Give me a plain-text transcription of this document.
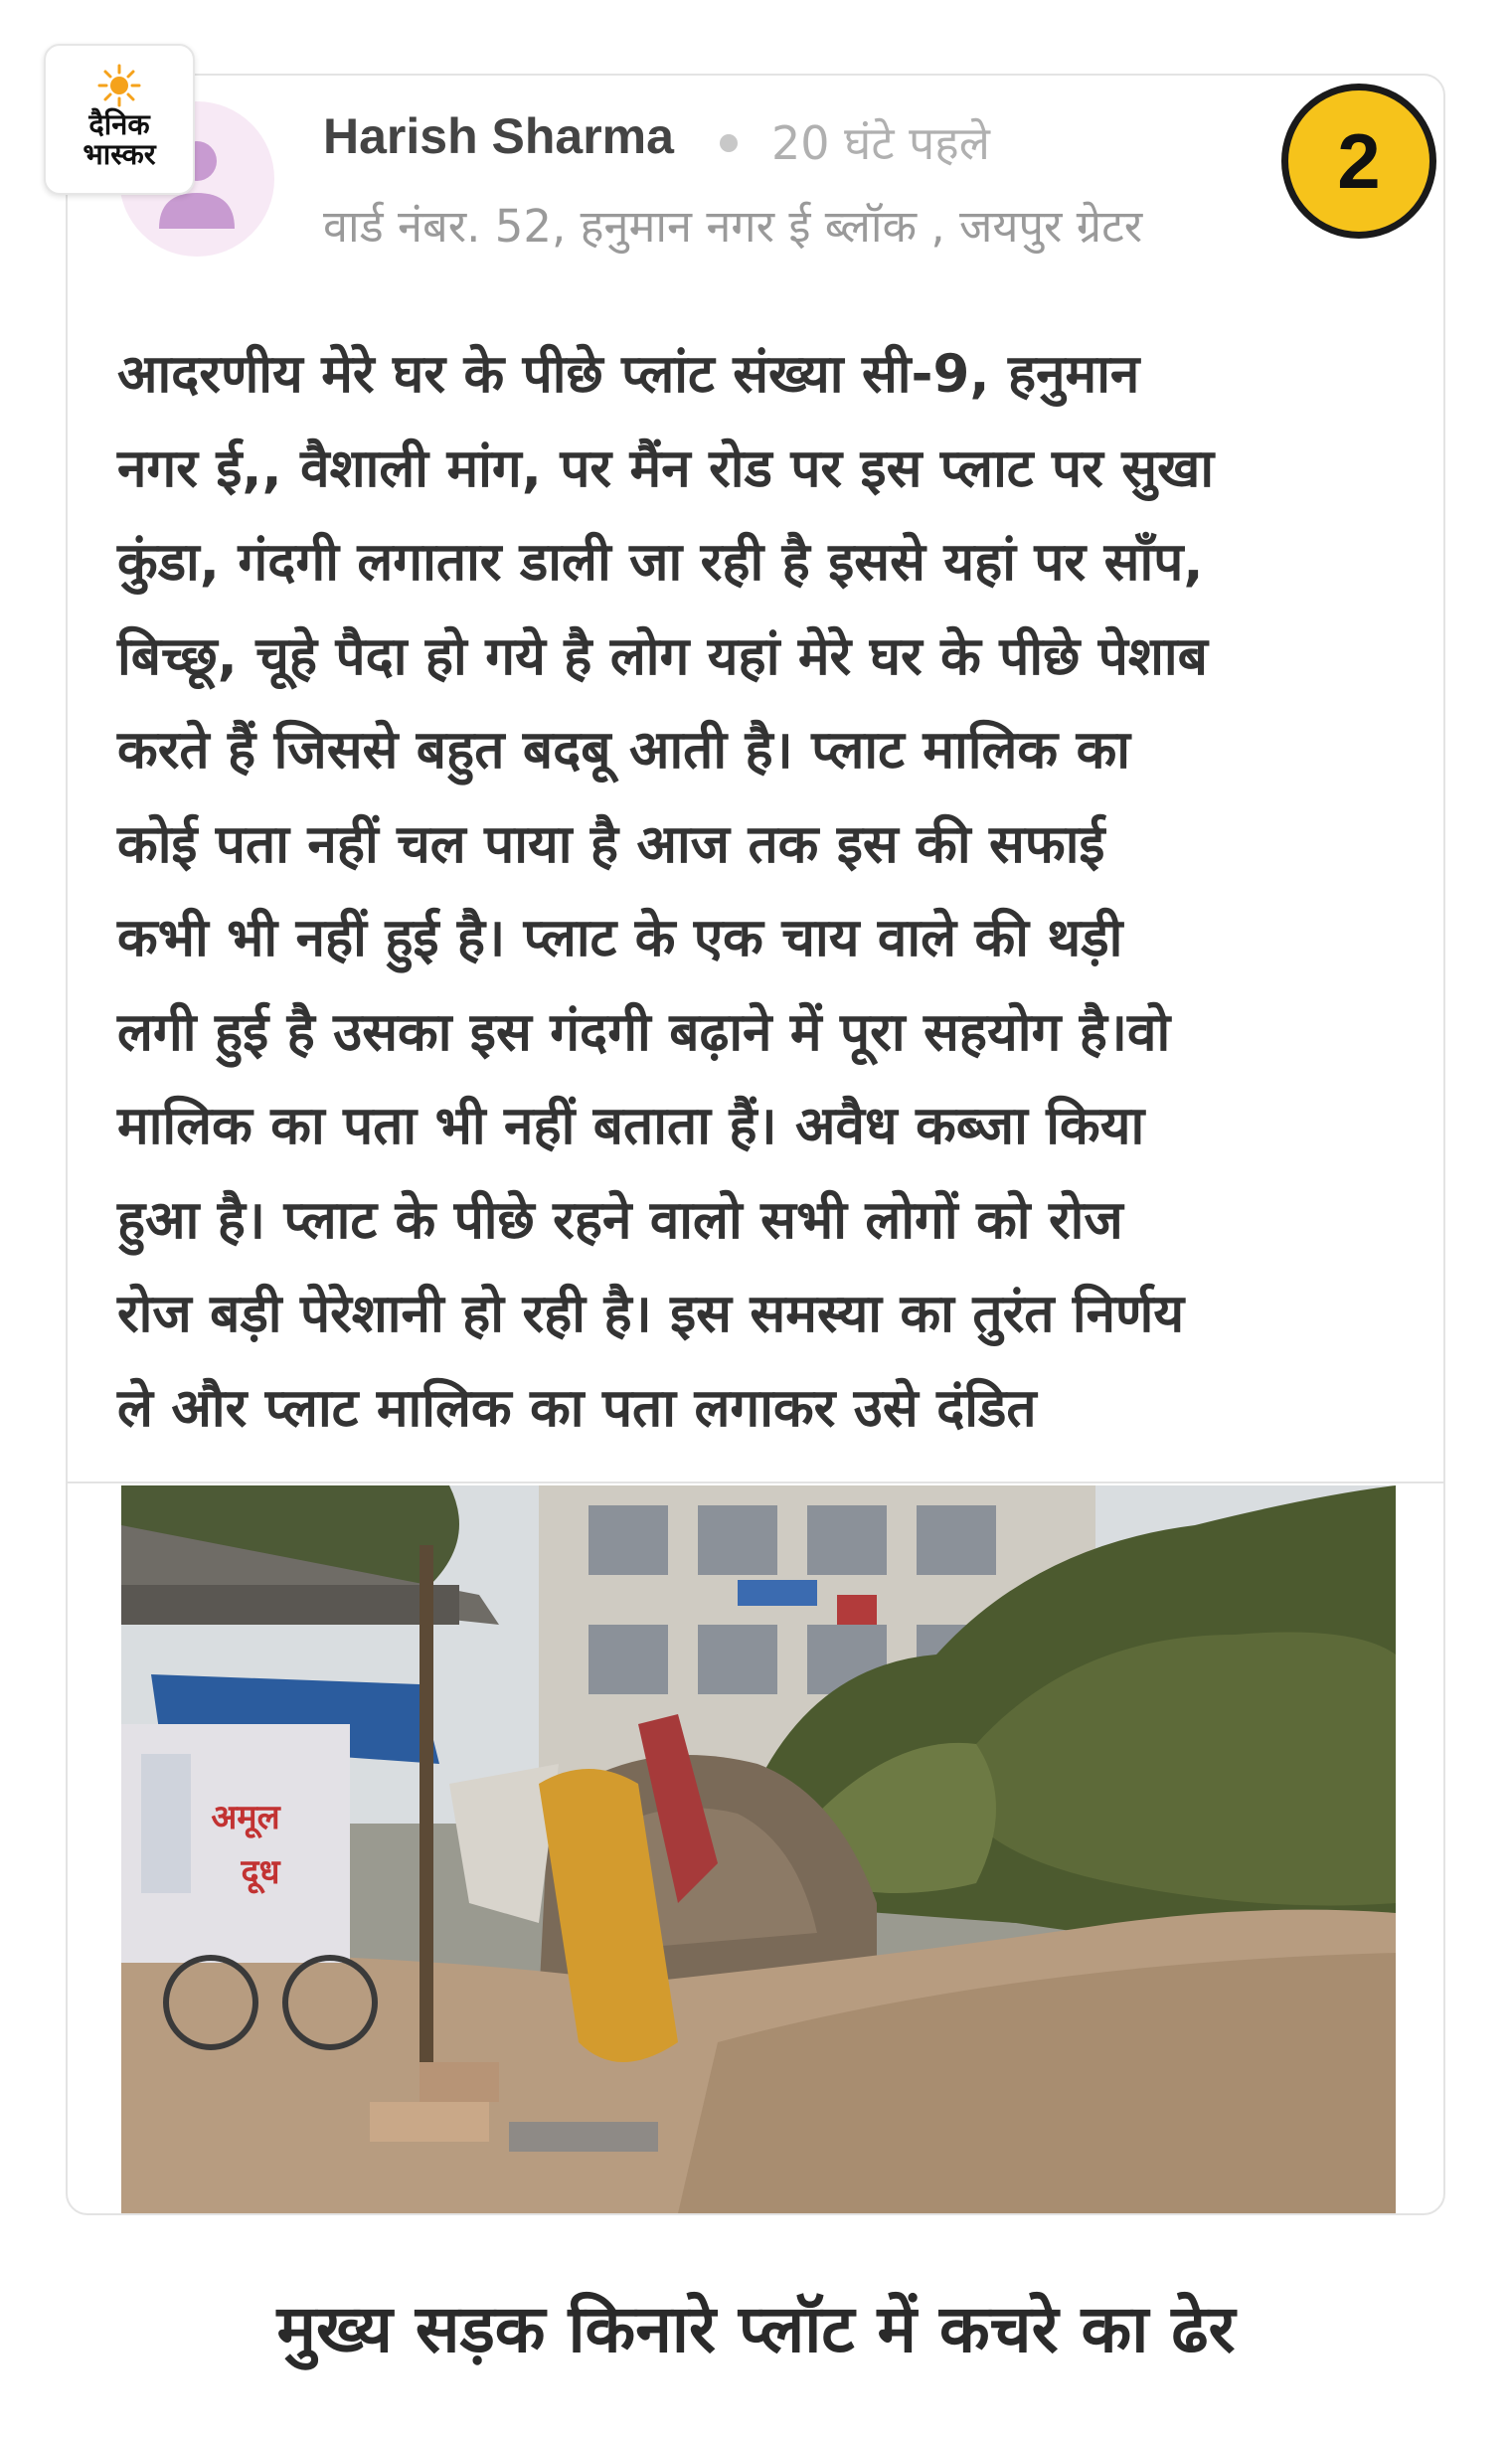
दैनिक
भास्कर	Harish Sharma 20 घंटे पहले
वार्ड नंबर. 52, हनुमान नगर ई ब्लॉक , जयपुर ग्रेटर
2
आदरणीय मेरे घर के पीछे प्लांट संख्या सी-9, हनुमान
नगर ई,, वैशाली मांग, पर मैंन रोड पर इस प्लाट पर सुखा
कुंडा, गंदगी लगातार डाली जा रही है इससे यहां पर साँप,
बिच्छू, चूहे पैदा हो गये है लोग यहां मेरे घर के पीछे पेशाब
करते हैं जिससे बहुत बदबू आती है। प्लाट मालिक का
कोई पता नहीं चल पाया है आज तक इस की सफाई
कभी भी नहीं हुई है। प्लाट के एक चाय वाले की थड़ी
लगी हुई है उसका इस गंदगी बढ़ाने में पूरा सहयोग है।वो
मालिक का पता भी नहीं बताता हैं। अवैध कब्जा किया
हुआ है। प्लाट के पीछे रहने वालो सभी लोगों को रोज
रोज बड़ी पेरेशानी हो रही है। इस समस्या का तुरंत निर्णय
ले और प्लाट मालिक का पता लगाकर उसे दंडित
अमूल
दूध
मुख्य सड़क किनारे प्लॉट में कचरे का ढेर
